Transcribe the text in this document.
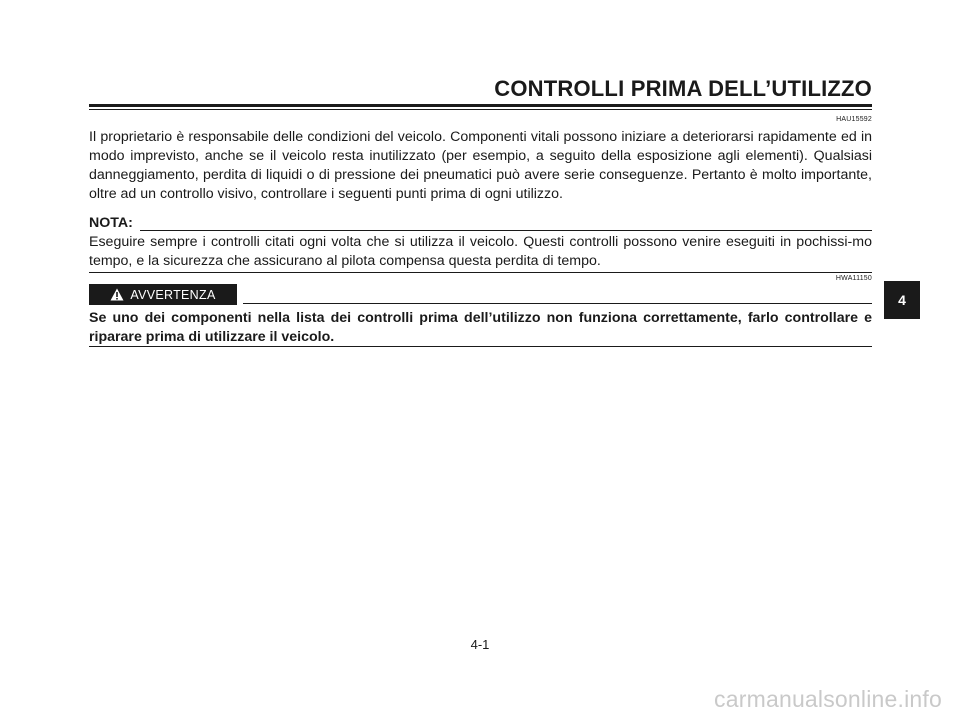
CONTROLLI PRIMA DELL’UTILIZZO
HAU15592

Il proprietario è responsabile delle condizioni del veicolo. Componenti vitali possono iniziare a deteriorarsi rapidamente ed in modo imprevisto, anche se il veicolo resta inutilizzato (per esempio, a seguito della esposizione agli elementi). Qualsiasi danneggiamento, perdita di liquidi o di pressione dei pneumatici può avere serie conseguenze. Pertanto è molto importante, oltre ad un controllo visivo, controllare i seguenti punti prima di ogni utilizzo.

NOTA:

Eseguire sempre i controlli citati ogni volta che si utilizza il veicolo. Questi controlli possono venire eseguiti in pochissi-mo tempo, e la sicurezza che assicurano al pilota compensa questa perdita di tempo.

HWA11150
AVVERTENZA

Se uno dei componenti nella lista dei controlli prima dell’utilizzo non funziona correttamente, farlo controllare e riparare prima di utilizzare il veicolo.

4
4-1
carmanualsonline.info
